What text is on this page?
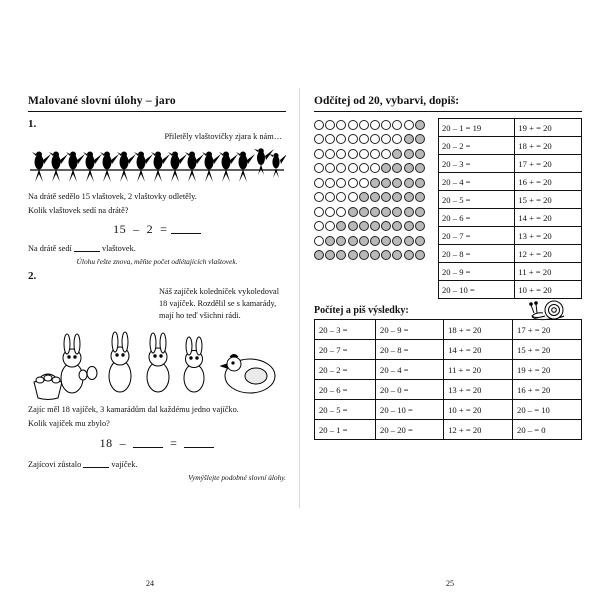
Malované slovní úlohy – jaro
1.
Přiletěly vlaštovičky zjara k nám…
Na drátě sedělo 15 vlaštovek, 2 vlaštovky odletěly.
Kolik vlaštovek sedí na drátě?
15 – 2 =
Na drátě sedí	vlaštovek.
Úlohu řešte znova, měňte počet odlétajících vlaštovek.
2.
Náš zajíček koledníček vykoledoval 18 vajíček. Rozdělil se s kamarády, mají ho teď všichni rádi.
Zajíc měl 18 vajíček, 3 kamarádům dal každému jedno vajíčko.
Kolik vajíček mu zbylo?
18 –	=
Zajícovi zůstalo	vajíček.
Vymýšlejte podobné slovní úlohy.
Odčítej od 20, vybarvi, dopiš:
20 – 1 = 19	19 + = 20
20 – 2 =	18 + = 20
20 – 3 =	17 + = 20
20 – 4 =	16 + = 20
20 – 5 =	15 + = 20
20 – 6 =	14 + = 20
20 – 7 =	13 + = 20
20 – 8 =	12 + = 20
20 – 9 =	11 + = 20
20 – 10 =	10 + = 20
Počítej a piš výsledky:
20 – 3 =	20 – 9 =	18 + = 20	17 + = 20
20 – 7 =	20 – 8 =	14 + = 20	15 + = 20
20 – 2 =	20 – 4 =	11 + = 20	19 + = 20
20 – 6 =	20 – 0 =	13 + = 20	16 + = 20
20 – 5 =	20 – 10 =	10 + = 20	20 – = 10
20 – 1 =	20 – 20 =	12 + = 20	20 – = 0
24	25
